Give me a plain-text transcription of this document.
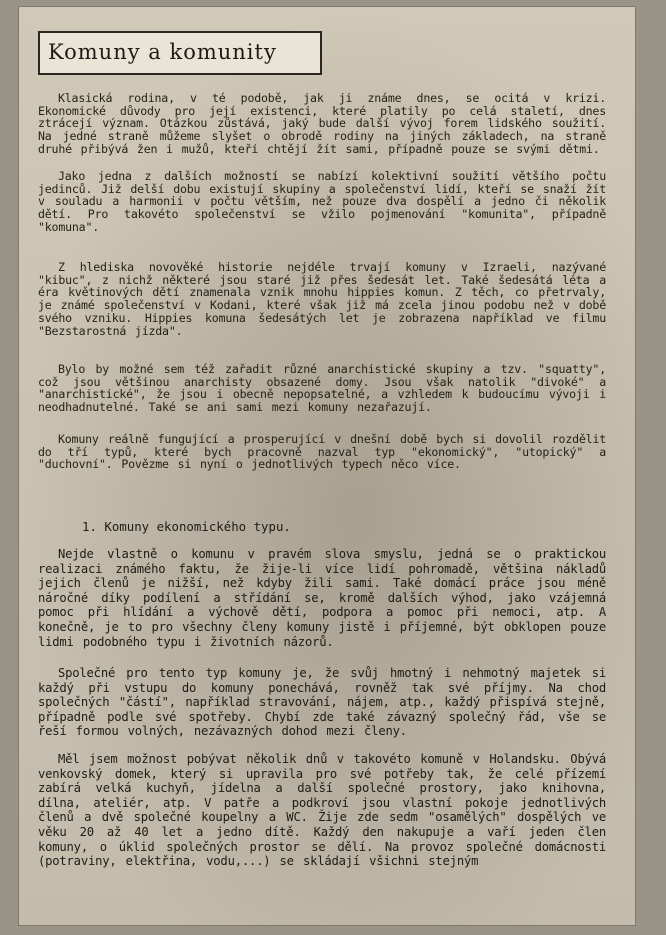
Komuny a komunity
Klasická rodina, v té podobě, jak ji známe dnes, se ocitá v krizi. Ekonomické důvody pro její existenci, které platily po celá staletí, dnes ztrácejí význam. Otázkou zůstává, jaký bude další vývoj forem lidského soužití. Na jedné straně můžeme slyšet o obrodě rodiny na jiných základech, na straně druhé přibývá žen i mužů, kteří chtějí žít sami, případně pouze se svými dětmi.
Jako jedna z dalších možností se nabízí kolektivní soužití většího počtu jedinců. Již delší dobu existují skupiny a společenství lidí, kteří se snaží žít v souladu a harmonii v počtu větším, než pouze dva dospělí a jedno či několik dětí. Pro takovéto společenství se vžilo pojmenování "komunita", případně "komuna".
Z hlediska novověké historie nejdéle trvají komuny v Izraeli, nazývané "kibuc", z nichž některé jsou staré již přes šedesát let. Také šedesátá léta a éra květinových dětí znamenala vznik mnohu hippies komun. Z těch, co přetrvaly, je známé společenství v Kodani, které však již má zcela jinou podobu než v době svého vzniku. Hippies komuna šedesátých let je zobrazena například ve filmu "Bezstarostná jízda".
Bylo by možné sem též zařadit různé anarchistické skupiny a tzv. "squatty", což jsou většinou anarchisty obsazené domy. Jsou však natolik "divoké" a "anarchistické", že jsou i obecně nepopsatelné, a vzhledem k budoucímu vývoji i neodhadnutelné. Také se ani sami mezi komuny nezařazují.
Komuny reálně fungující a prosperující v dnešní době bych si dovolil rozdělit do tří typů, které bych pracovně nazval typ "ekonomický", "utopický" a "duchovní". Povězme si nyní o jednotlivých typech něco více.
1. Komuny ekonomického typu.
Nejde vlastně o komunu v pravém slova smyslu, jedná se o praktickou realizaci známého faktu, že žije-li více lidí pohromadě, většina nákladů jejich členů je nižší, než kdyby žili sami. Také domácí práce jsou méně náročné díky podílení a střídání se, kromě dalších výhod, jako vzájemná pomoc při hlídání a výchově dětí, podpora a pomoc při nemoci, atp. A konečně, je to pro všechny členy komuny jistě i příjemné, být obklopen pouze lidmi podobného typu i životních názorů.
Společné pro tento typ komuny je, že svůj hmotný i nehmotný majetek si každý při vstupu do komuny ponechává, rovněž tak své příjmy. Na chod společných "částí", například stravování, nájem, atp., každý přispívá stejně, případně podle své spotřeby. Chybí zde také závazný společný řád, vše se řeší formou volných, nezávazných dohod mezi členy.
Měl jsem možnost pobývat několik dnů v takovéto komuně v Holandsku. Obývá venkovský domek, který si upravila pro své potřeby tak, že celé přízemí zabírá velká kuchyň, jídelna a další společné prostory, jako knihovna, dílna, ateliér, atp. V patře a podkroví jsou vlastní pokoje jednotlivých členů a dvě společné koupelny a WC. Žije zde sedm "osamělých" dospělých ve věku 20 až 40 let a jedno dítě. Každý den nakupuje a vaří jeden člen komuny, o úklid společných prostor se dělí. Na provoz společné domácnosti (potraviny, elektřina, vodu,...) se skládají všichni stejným
